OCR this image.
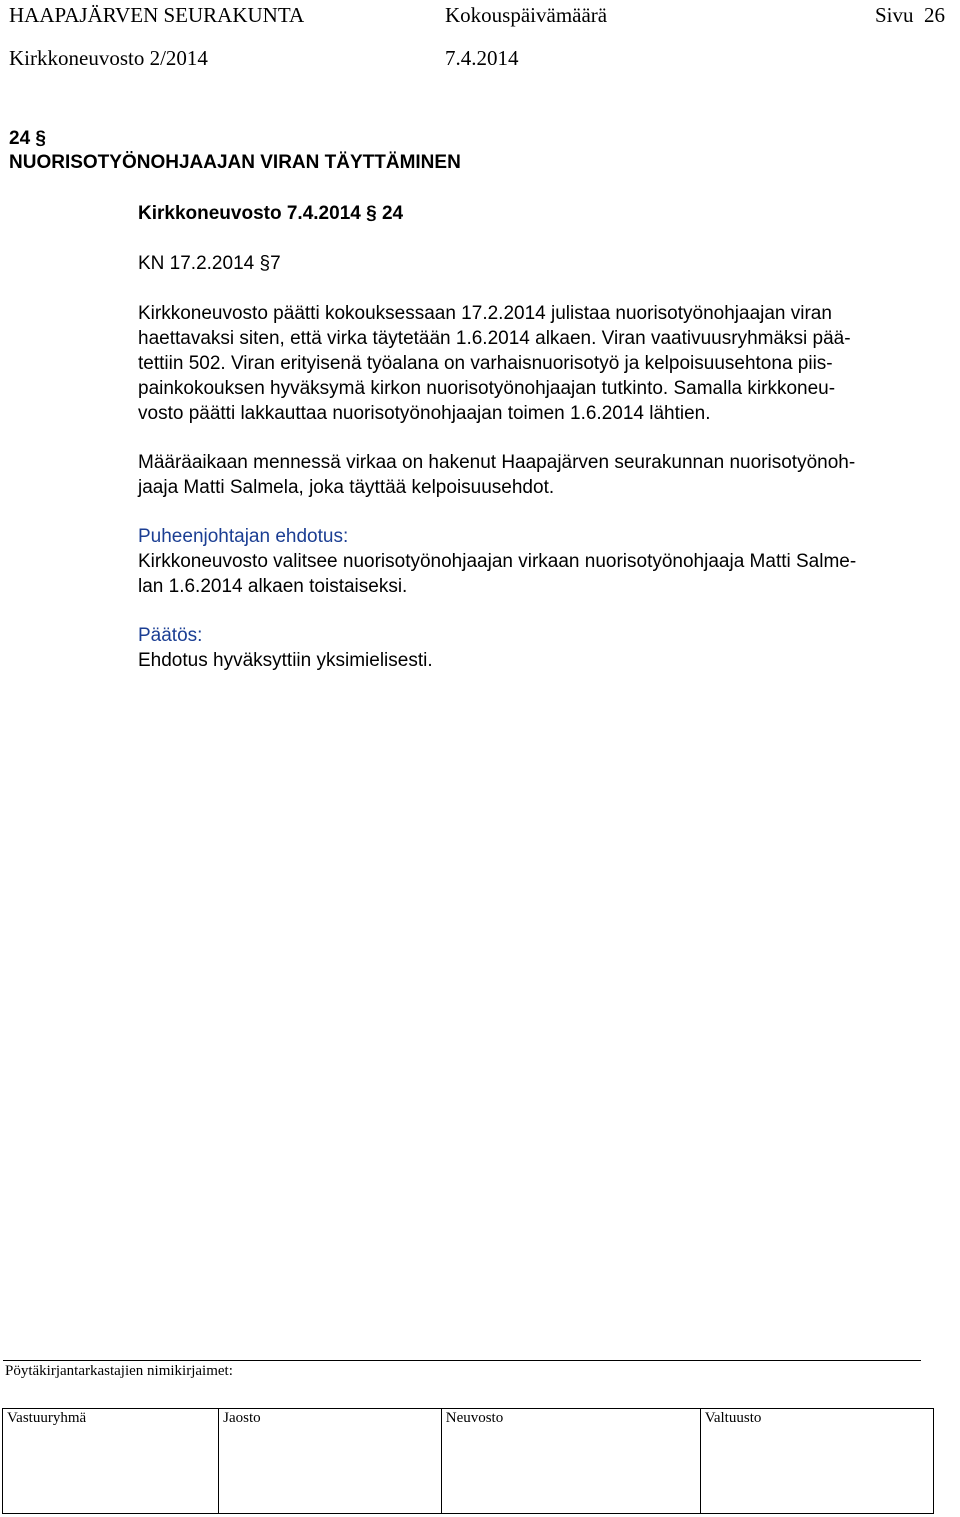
HAAPAJÄRVEN SEURAKUNTA	Kokouspäivämäärä	Sivu 26
Kirkkoneuvosto 2/2014	7.4.2014
24 §
NUORISOTYÖNOHJAAJAN VIRAN TÄYTTÄMINEN
Kirkkoneuvosto 7.4.2014 § 24
KN 17.2.2014 §7
Kirkkoneuvosto päätti kokouksessaan 17.2.2014 julistaa nuorisotyönohjaajan viran
haettavaksi siten, että virka täytetään 1.6.2014 alkaen. Viran vaativuusryhmäksi pää-
tettiin 502. Viran erityisenä työalana on varhaisnuorisotyö ja kelpoisuusehtona piis-
painkokouksen hyväksymä kirkon nuorisotyönohjaajan tutkinto. Samalla kirkkoneu-
vosto päätti lakkauttaa nuorisotyönohjaajan toimen 1.6.2014 lähtien.
Määräaikaan mennessä virkaa on hakenut Haapajärven seurakunnan nuorisotyönoh-
jaaja Matti Salmela, joka täyttää kelpoisuusehdot.
Puheenjohtajan ehdotus:
Kirkkoneuvosto valitsee nuorisotyönohjaajan virkaan nuorisotyönohjaaja Matti Salme-
lan 1.6.2014 alkaen toistaiseksi.
Päätös:
Ehdotus hyväksyttiin yksimielisesti.
Pöytäkirjantarkastajien nimikirjaimet:
Vastuuryhmä	Jaosto	Neuvosto	Valtuusto
